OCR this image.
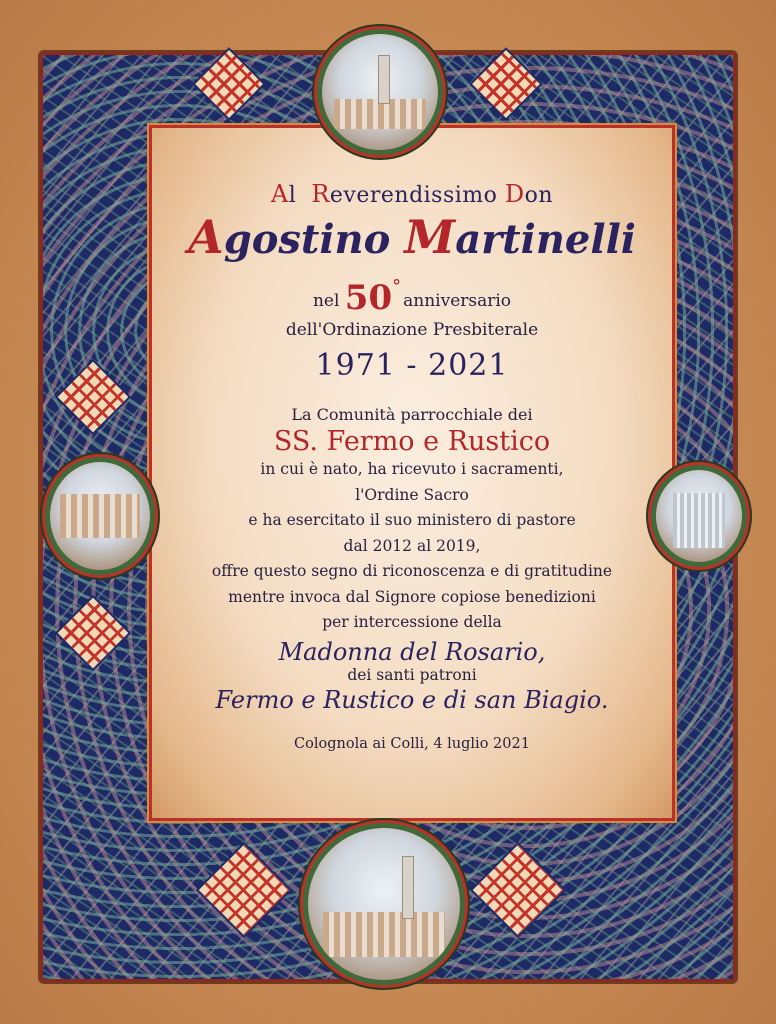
Al Reverendissimo Don
Agostino Martinelli
nel 50°anniversario
dell'Ordinazione Presbiterale
1971 - 2021
La Comunità parrocchiale dei
SS. Fermo e Rustico
in cui è nato, ha ricevuto i sacramenti,
l'Ordine Sacro
e ha esercitato il suo ministero di pastore
dal 2012 al 2019,
offre questo segno di riconoscenza e di gratitudine
mentre invoca dal Signore copiose benedizioni
per intercessione della
Madonna del Rosario,
dei santi patroni
Fermo e Rustico e di san Biagio.
Colognola ai Colli, 4 luglio 2021
